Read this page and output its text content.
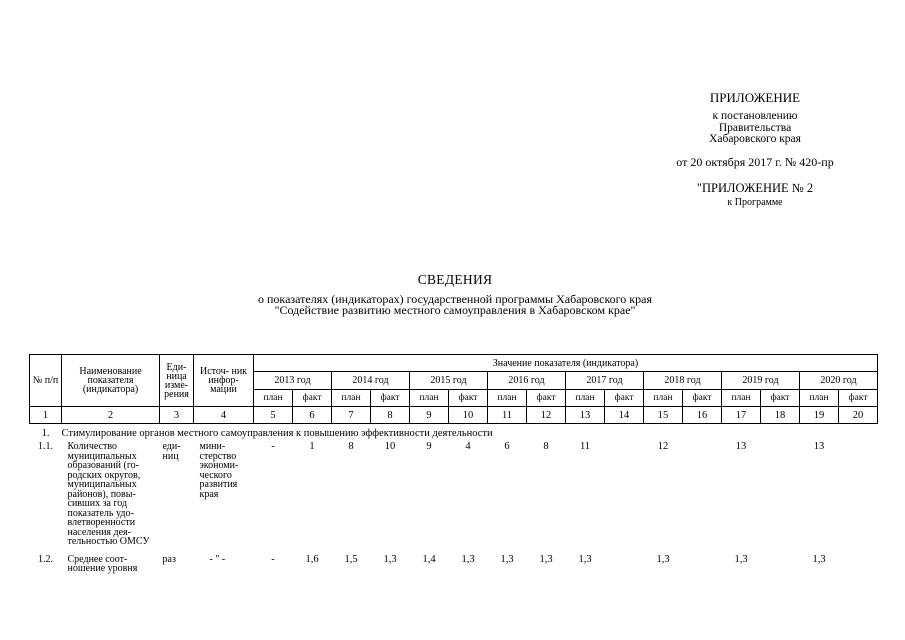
ПРИЛОЖЕНИЕ
к постановлению
Правительства
Хабаровского края
от 20 октября 2017 г. № 420-пр
"ПРИЛОЖЕНИЕ № 2
к Программе
СВЕДЕНИЯ
о показателях (индикаторах) государственной программы Хабаровского края
"Содействие развитию местного самоуправления в Хабаровском крае"
№ п/п	Наименование показателя (индикатора)	Еди- ница изме- рения	Источ- ник инфор- мации	Значение показателя (индикатора)															
				2013 год		2014 год		2015 год		2016 год		2017 год		2018 год		2019 год		2020 год	
				план	факт	план	факт	план	факт	план	факт	план	факт	план	факт	план	факт	план	факт
1	2	3	4	5	6	7	8	9	10	11	12	13	14	15	16	17	18	19	20
1.	Стимулирование органов местного самоуправления к повышению эффективности деятельности																		
1.1.	Количество муниципальных образований (го- родских округов, муниципальных районов), повы- сивших за год показатель удо- влетворенности населения дея- тельностью ОМСУ	еди- ниц	мини- стерство экономи- ческого развития края	-	1	8	10	9	4	6	8	11		12		13		13	
1.2.	Среднее соот- ношение уровня	раз	- " -	-	1,6	1,5	1,3	1,4	1,3	1,3	1,3	1,3		1,3		1,3		1,3	
